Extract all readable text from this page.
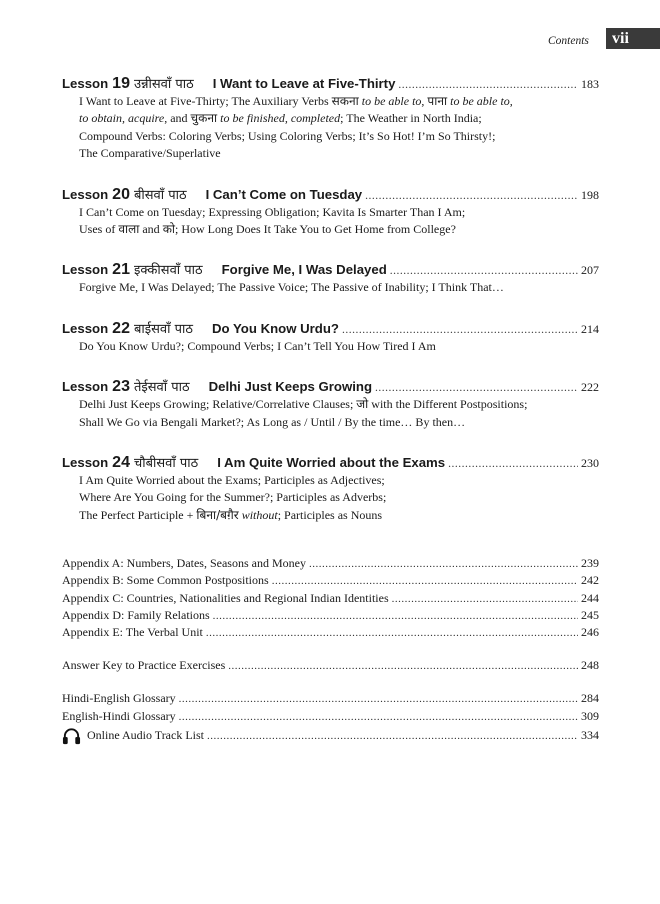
Contents	vii
Lesson 19 उन्नीसवाँ पाठ I Want to Leave at Five-Thirty .....	183
I Want to Leave at Five-Thirty; The Auxiliary Verbs सकना to be able to, पाना to be able to,
to obtain, acquire, and चुकना to be finished, completed; The Weather in North India;
Compound Verbs: Coloring Verbs; Using Coloring Verbs; It’s So Hot! I’m So Thirsty!;
The Comparative/Superlative
Lesson 20 बीसवाँ पाठ I Can’t Come on Tuesday .....	198
I Can’t Come on Tuesday; Expressing Obligation; Kavita Is Smarter Than I Am;
Uses of वाला and को; How Long Does It Take You to Get Home from College?
Lesson 21 इक्कीसवाँ पाठ Forgive Me, I Was Delayed .....	207
Forgive Me, I Was Delayed; The Passive Voice; The Passive of Inability; I Think That…
Lesson 22 बाईसवाँ पाठ Do You Know Urdu? .....	214
Do You Know Urdu?; Compound Verbs; I Can’t Tell You How Tired I Am
Lesson 23 तेईसवाँ पाठ Delhi Just Keeps Growing .....	222
Delhi Just Keeps Growing; Relative/Correlative Clauses; जो with the Different Postpositions;
Shall We Go via Bengali Market?; As Long as / Until / By the time… By then…
Lesson 24 चौबीसवाँ पाठ I Am Quite Worried about the Exams .....	230
I Am Quite Worried about the Exams; Participles as Adjectives;
Where Are You Going for the Summer?; Participles as Adverbs;
The Perfect Participle + बिना/बग़ैर without; Participles as Nouns
Appendix A: Numbers, Dates, Seasons and Money .....	239
Appendix B: Some Common Postpositions .....	242
Appendix C: Countries, Nationalities and Regional Indian Identities .....	244
Appendix D: Family Relations .....	245
Appendix E: The Verbal Unit .....	246
Answer Key to Practice Exercises .....	248
Hindi-English Glossary .....	284
English-Hindi Glossary .....	309
Online Audio Track List .....	334
